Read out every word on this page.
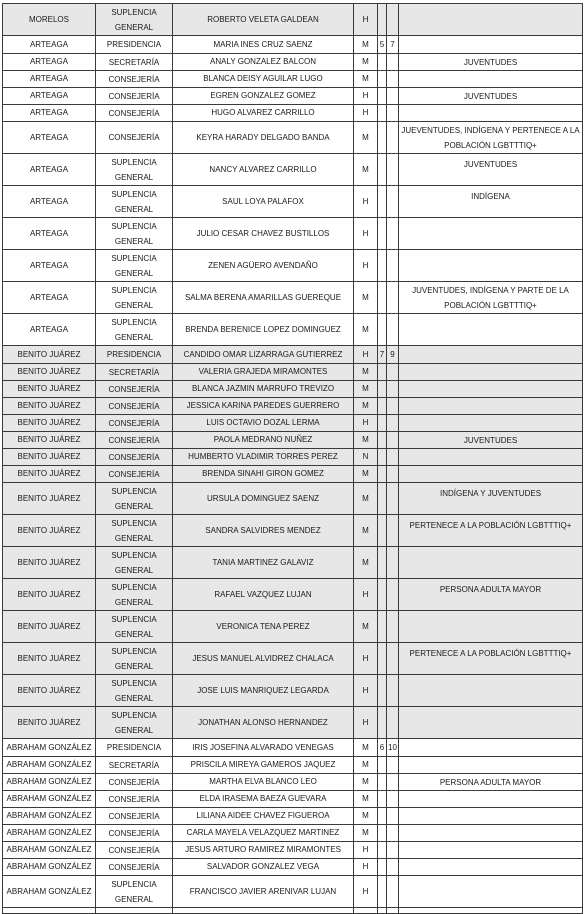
MORELOS	SUPLENCIA GENERAL	ROBERTO VELETA GALDEAN	H			
ARTEAGA	PRESIDENCIA	MARIA INES CRUZ SAENZ	M	5	7	
ARTEAGA	SECRETARÍA	ANALY GONZALEZ BALCON	M			JUVENTUDES
ARTEAGA	CONSEJERÍA	BLANCA DEISY AGUILAR LUGO	M			
ARTEAGA	CONSEJERÍA	EGREN GONZALEZ GOMEZ	H			JUVENTUDES
ARTEAGA	CONSEJERÍA	HUGO ALVAREZ CARRILLO	H			
ARTEAGA	CONSEJERÍA	KEYRA HARADY DELGADO BANDA	M			JUEVENTUDES, INDÍGENA Y PERTENECE A LA POBLACIÓN LGBTTTIQ+
ARTEAGA	SUPLENCIA GENERAL	NANCY ALVAREZ CARRILLO	M			JUVENTUDES
ARTEAGA	SUPLENCIA GENERAL	SAUL LOYA PALAFOX	H			INDÍGENA
ARTEAGA	SUPLENCIA GENERAL	JULIO CESAR CHAVEZ BUSTILLOS	H			
ARTEAGA	SUPLENCIA GENERAL	ZENEN AGÜERO AVENDAÑO	H			
ARTEAGA	SUPLENCIA GENERAL	SALMA BERENA AMARILLAS GUEREQUE	M			JUVENTUDES, INDÍGENA Y PARTE DE LA POBLACIÓN LGBTTTIQ+
ARTEAGA	SUPLENCIA GENERAL	BRENDA BERENICE LOPEZ DOMINGUEZ	M			
BENITO JUÁREZ	PRESIDENCIA	CANDIDO OMAR LIZARRAGA GUTIERREZ	H	7	9	
BENITO JUÁREZ	SECRETARÍA	VALERIA GRAJEDA MIRAMONTES	M			
BENITO JUÁREZ	CONSEJERÍA	BLANCA JAZMIN MARRUFO TREVIZO	M			
BENITO JUÁREZ	CONSEJERÍA	JESSICA KARINA PAREDES GUERRERO	M			
BENITO JUÁREZ	CONSEJERÍA	LUIS OCTAVIO DOZAL LERMA	H			
BENITO JUÁREZ	CONSEJERÍA	PAOLA MEDRANO NUÑEZ	M			JUVENTUDES
BENITO JUÁREZ	CONSEJERÍA	HUMBERTO VLADIMIR TORRES PEREZ	N			
BENITO JUÁREZ	CONSEJERÍA	BRENDA SINAHI GIRON GOMEZ	M			
BENITO JUÁREZ	SUPLENCIA GENERAL	URSULA DOMINGUEZ SAENZ	M			INDÍGENA Y JUVENTUDES
BENITO JUÁREZ	SUPLENCIA GENERAL	SANDRA SALVIDRES MENDEZ	M			PERTENECE A LA POBLACIÓN LGBTTTIQ+
BENITO JUÁREZ	SUPLENCIA GENERAL	TANIA MARTINEZ GALAVIZ	M			
BENITO JUÁREZ	SUPLENCIA GENERAL	RAFAEL VAZQUEZ LUJAN	H			PERSONA ADULTA MAYOR
BENITO JUÁREZ	SUPLENCIA GENERAL	VERONICA TENA PEREZ	M			
BENITO JUÁREZ	SUPLENCIA GENERAL	JESUS MANUEL ALVIDREZ CHALACA	H			PERTENECE A LA POBLACIÓN LGBTTTIQ+
BENITO JUÁREZ	SUPLENCIA GENERAL	JOSE LUIS MANRIQUEZ LEGARDA	H			
BENITO JUÁREZ	SUPLENCIA GENERAL	JONATHAN ALONSO HERNANDEZ	H			
ABRAHAM GONZÁLEZ	PRESIDENCIA	IRIS JOSEFINA ALVARADO VENEGAS	M	6	10	
ABRAHAM GONZÁLEZ	SECRETARÍA	PRISCILA MIREYA GAMEROS JAQUEZ	M			
ABRAHAM GONZÁLEZ	CONSEJERÍA	MARTHA ELVA BLANCO LEO	M			PERSONA ADULTA MAYOR
ABRAHAM GONZÁLEZ	CONSEJERÍA	ELDA IRASEMA BAEZA GUEVARA	M			
ABRAHAM GONZÁLEZ	CONSEJERÍA	LILIANA AIDEE CHAVEZ FIGUEROA	M			
ABRAHAM GONZÁLEZ	CONSEJERÍA	CARLA MAYELA VELAZQUEZ MARTINEZ	M			
ABRAHAM GONZÁLEZ	CONSEJERÍA	JESUS ARTURO RAMIREZ MIRAMONTES	H			
ABRAHAM GONZÁLEZ	CONSEJERÍA	SALVADOR GONZALEZ VEGA	H			
ABRAHAM GONZÁLEZ	SUPLENCIA GENERAL	FRANCISCO JAVIER ARENIVAR LUJAN	H			
